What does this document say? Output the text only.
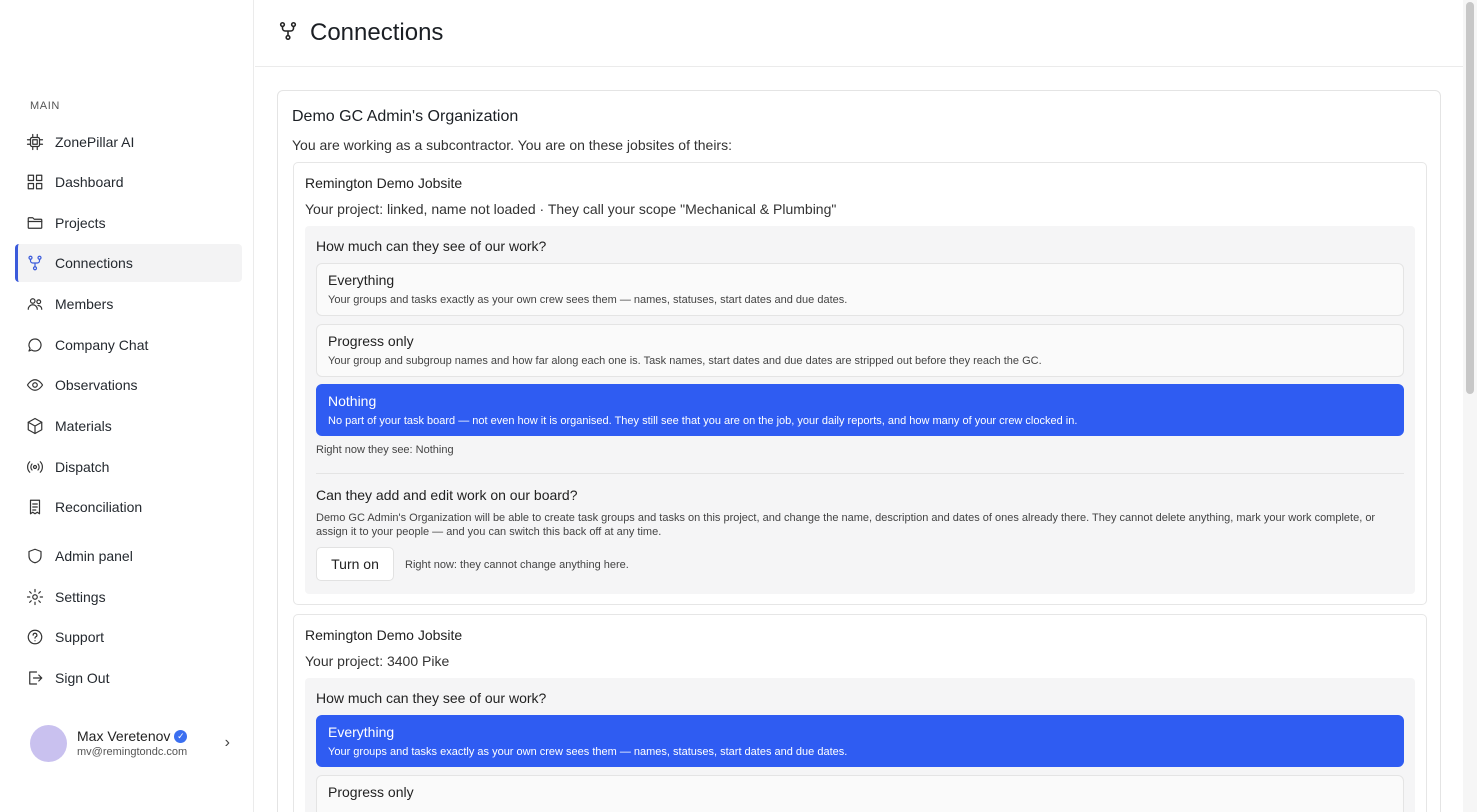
MAIN
ZonePillar AI
Dashboard
Projects
Connections
Members
Company Chat
Observations
Materials
Dispatch
Reconciliation
Admin panel
Settings
Support
Sign Out
Max Veretenov ✓
mv@remingtondc.com
›
Connections
Demo GC Admin's Organization
You are working as a subcontractor. You are on these jobsites of theirs:
Remington Demo Jobsite
Your project: linked, name not loaded · They call your scope "Mechanical & Plumbing"
How much can they see of our work?
Everything
Your groups and tasks exactly as your own crew sees them — names, statuses, start dates and due dates.
Progress only
Your group and subgroup names and how far along each one is. Task names, start dates and due dates are stripped out before they reach the GC.
Nothing
No part of your task board — not even how it is organised. They still see that you are on the job, your daily reports, and how many of your crew clocked in.
Right now they see: Nothing
Can they add and edit work on our board?
Demo GC Admin's Organization will be able to create task groups and tasks on this project, and change the name, description and dates of ones already there. They cannot delete anything, mark your work complete, or assign it to your people — and you can switch this back off at any time.
Turn on	Right now: they cannot change anything here.
Remington Demo Jobsite
Your project: 3400 Pike
How much can they see of our work?
Everything
Your groups and tasks exactly as your own crew sees them — names, statuses, start dates and due dates.
Progress only
